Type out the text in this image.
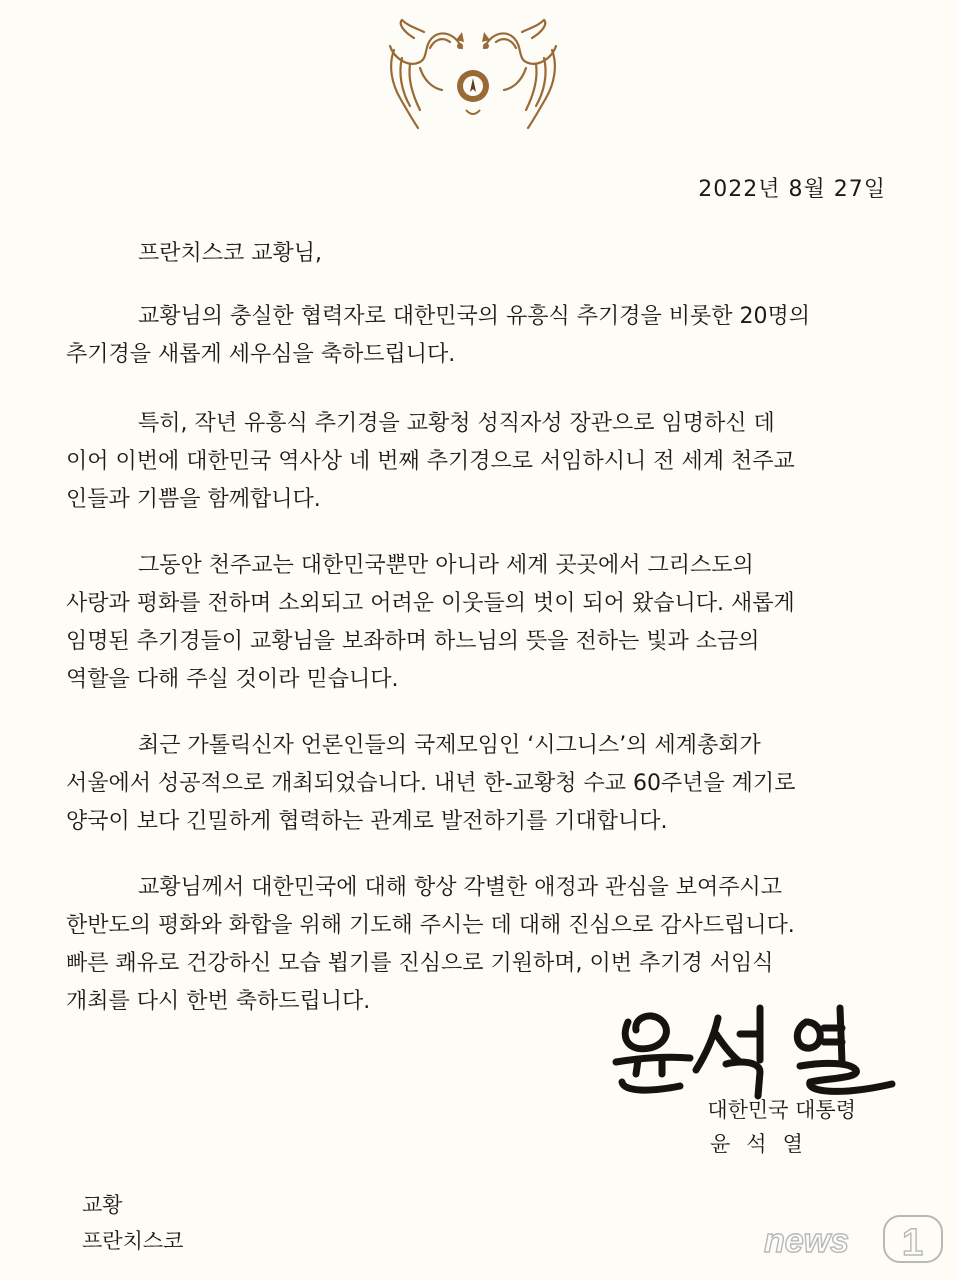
2022년 8월 27일
프란치스코 교황님,
교황님의 충실한 협력자로 대한민국의 유흥식 추기경을 비롯한 20명의
추기경을 새롭게 세우심을 축하드립니다.
특히, 작년 유흥식 추기경을 교황청 성직자성 장관으로 임명하신 데
이어 이번에 대한민국 역사상 네 번째 추기경으로 서임하시니 전 세계 천주교
인들과 기쁨을 함께합니다.
그동안 천주교는 대한민국뿐만 아니라 세계 곳곳에서 그리스도의
사랑과 평화를 전하며 소외되고 어려운 이웃들의 벗이 되어 왔습니다. 새롭게
임명된 추기경들이 교황님을 보좌하며 하느님의 뜻을 전하는 빛과 소금의
역할을 다해 주실 것이라 믿습니다.
최근 가톨릭신자 언론인들의 국제모임인 ‘시그니스’의 세계총회가
서울에서 성공적으로 개최되었습니다. 내년 한-교황청 수교 60주년을 계기로
양국이 보다 긴밀하게 협력하는 관계로 발전하기를 기대합니다.
교황님께서 대한민국에 대해 항상 각별한 애정과 관심을 보여주시고
한반도의 평화와 화합을 위해 기도해 주시는 데 대해 진심으로 감사드립니다.
빠른 쾌유로 건강하신 모습 뵙기를 진심으로 기원하며, 이번 추기경 서임식
개최를 다시 한번 축하드립니다.
대한민국 대통령
윤석열
교황
프란치스코	news 1
